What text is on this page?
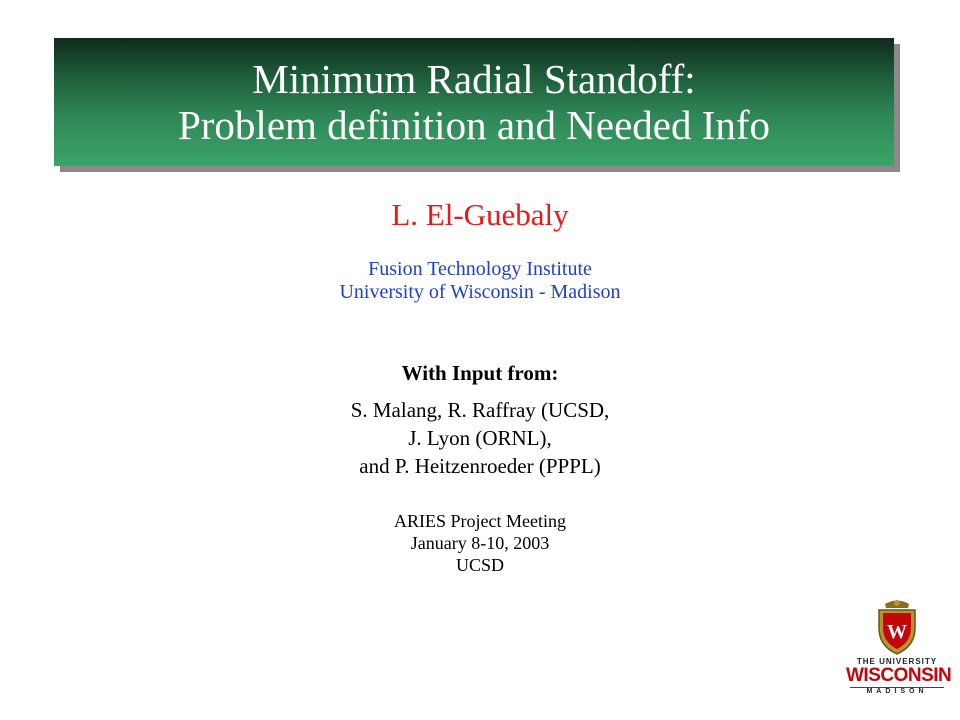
Minimum Radial Standoff:
Problem definition and Needed Info
L. El-Guebaly
Fusion Technology Institute
University of Wisconsin - Madison
With Input from:
S. Malang, R. Raffray (UCSD,
J. Lyon (ORNL),
and P. Heitzenroeder (PPPL)
ARIES Project Meeting
January 8-10, 2003
UCSD
W
THE UNIVERSITY
WISCONSIN
MADISON
